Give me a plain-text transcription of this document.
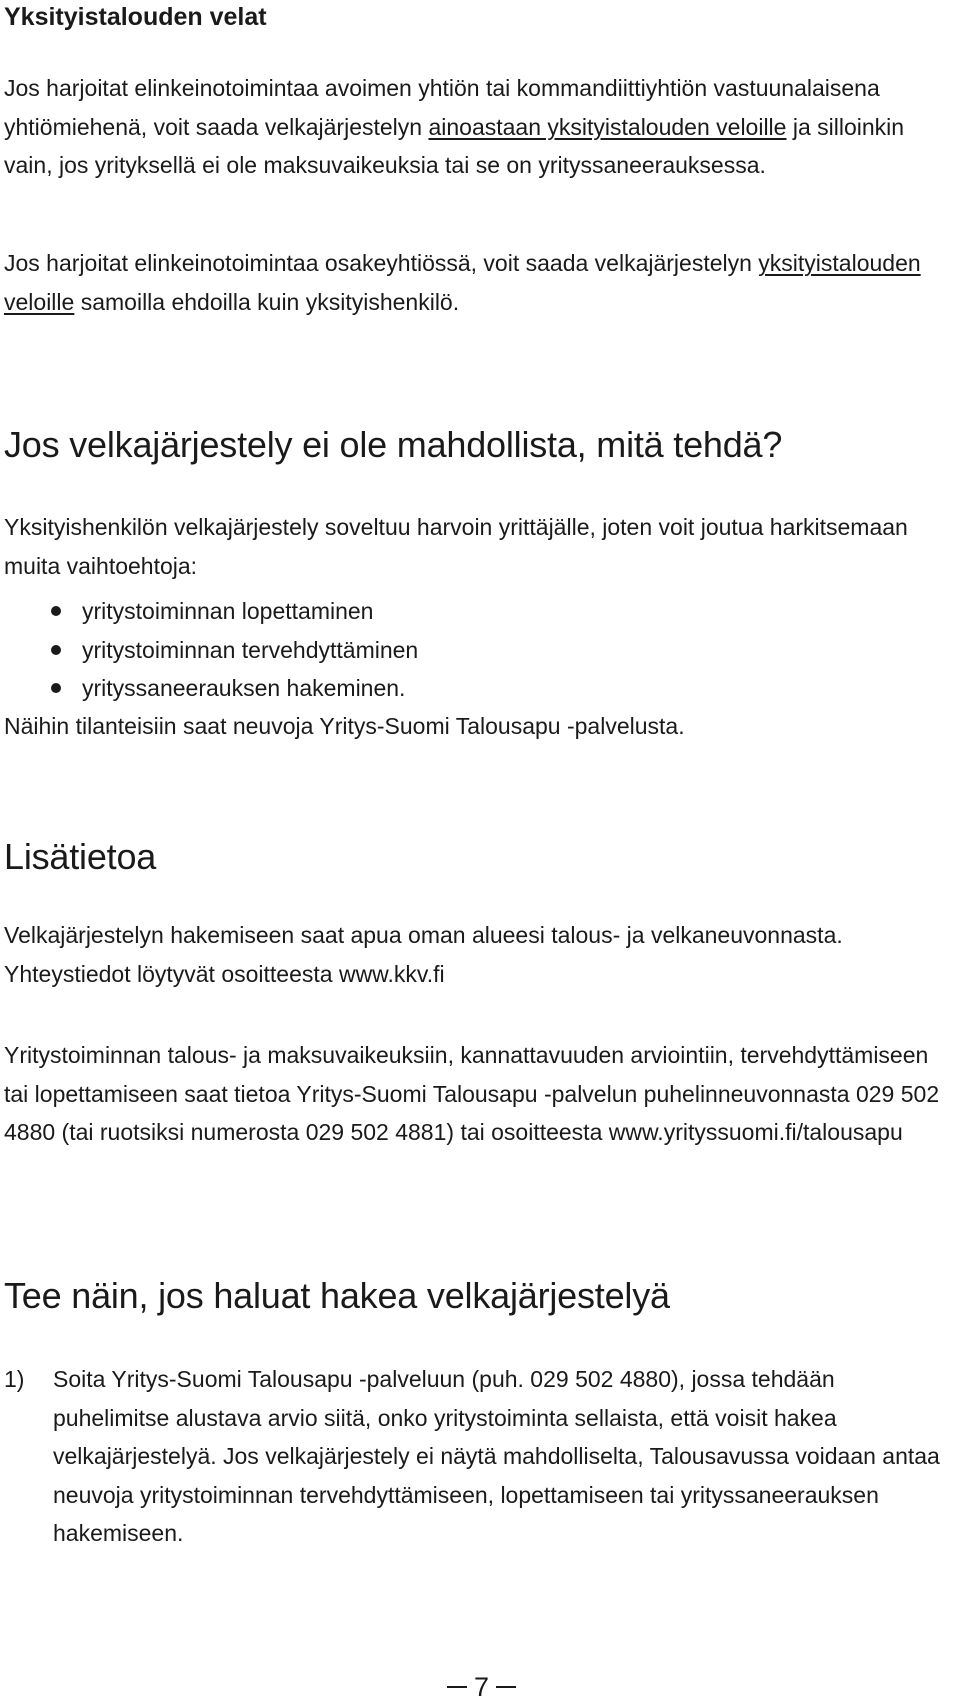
Yksityistalouden velat

Jos harjoitat elinkeinotoimintaa avoimen yhtiön tai kommandiittiyhtiön vastuunalaisena yhtiömiehenä, voit saada velkajärjestelyn ainoastaan yksityistalouden veloille ja silloinkin vain, jos yrityksellä ei ole maksuvaikeuksia tai se on yrityssaneerauksessa.

Jos harjoitat elinkeinotoimintaa osakeyhtiössä, voit saada velkajärjestelyn yksityistalouden veloille samoilla ehdoilla kuin yksityishenkilö.

Jos velkajärjestely ei ole mahdollista, mitä tehdä?

Yksityishenkilön velkajärjestely soveltuu harvoin yrittäjälle, joten voit joutua harkitsemaan muita vaihtoehtoja:

yritystoiminnan lopettaminen
yritystoiminnan tervehdyttäminen
yrityssaneerauksen hakeminen.

Näihin tilanteisiin saat neuvoja Yritys-Suomi Talousapu -palvelusta.

Lisätietoa

Velkajärjestelyn hakemiseen saat apua oman alueesi talous- ja velkaneuvonnasta. Yhteystiedot löytyvät osoitteesta www.kkv.fi

Yritystoiminnan talous- ja maksuvaikeuksiin, kannattavuuden arviointiin, tervehdyttämiseen tai lopettamiseen saat tietoa Yritys-Suomi Talousapu -palvelun puhelinneuvonnasta 029 502 4880 (tai ruotsiksi numerosta 029 502 4881) tai osoitteesta www.yrityssuomi.fi/talousapu

Tee näin, jos haluat hakea velkajärjestelyä
1) Soita Yritys-Suomi Talousapu -palveluun (puh. 029 502 4880), jossa tehdään puhelimitse alustava arvio siitä, onko yritystoiminta sellaista, että voisit hakea velkajärjestelyä. Jos velkajärjestely ei näytä mahdolliselta, Talousavussa voidaan antaa neuvoja yritystoiminnan tervehdyttämiseen, lopettamiseen tai yrityssaneerauksen hakemiseen.
7
